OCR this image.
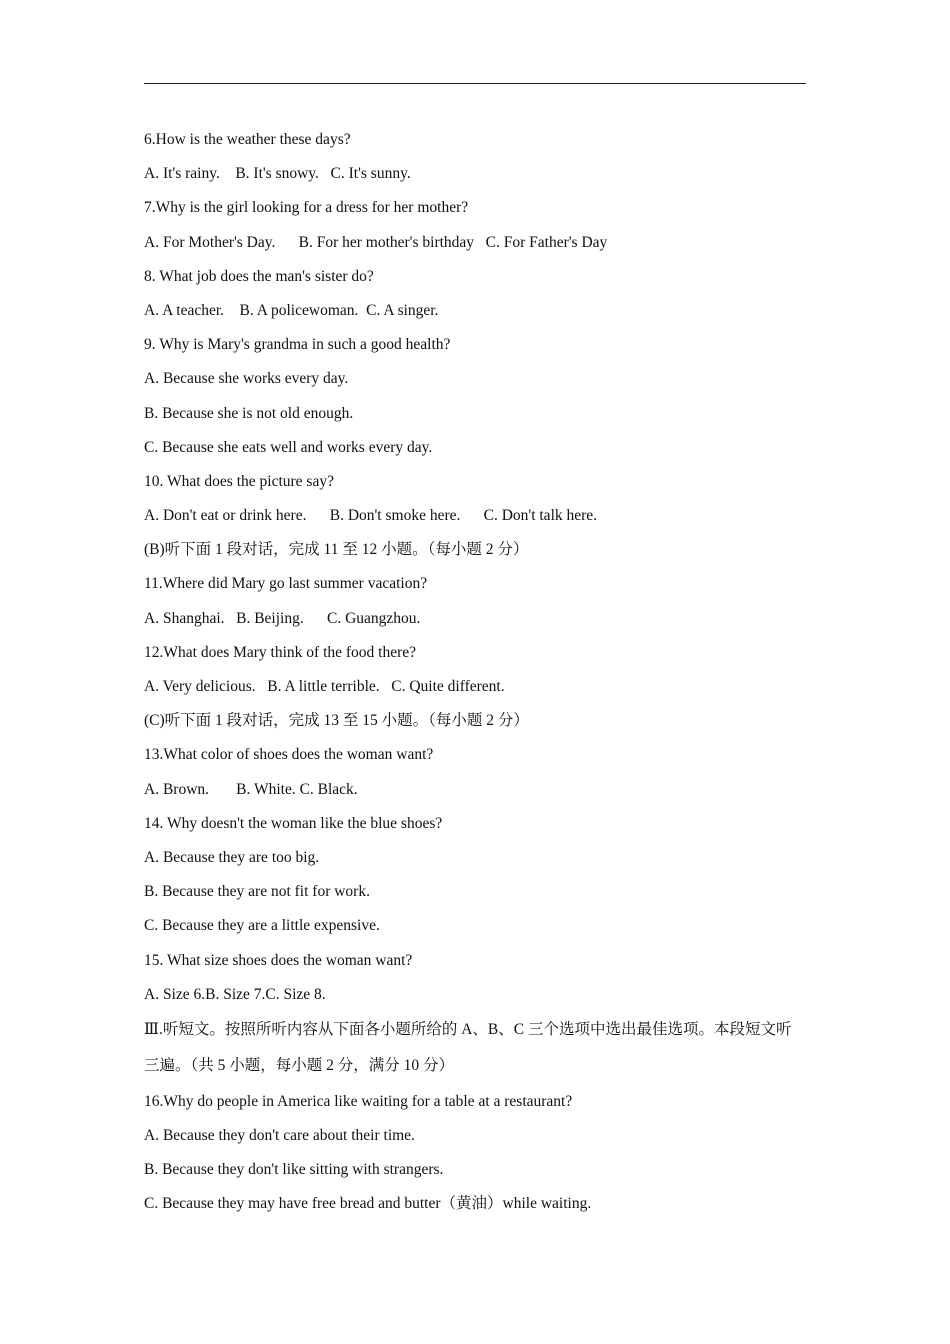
6.How is the weather these days?
A. It's rainy.    B. It's snowy.   C. It's sunny.
7.Why is the girl looking for a dress for her mother?
A. For Mother's Day.      B. For her mother's birthday   C. For Father's Day
8. What job does the man's sister do?
A. A teacher.    B. A policewoman.  C. A singer.
9. Why is Mary's grandma in such a good health?
A. Because she works every day.
B. Because she is not old enough.
C. Because she eats well and works every day.
10. What does the picture say?
A. Don't eat or drink here.      B. Don't smoke here.      C. Don't talk here.
(B)听下面 1 段对话，完成 11 至 12 小题。（每小题 2 分）
11.Where did Mary go last summer vacation?
A. Shanghai.   B. Beijing.      C. Guangzhou.
12.What does Mary think of the food there?
A. Very delicious.   B. A little terrible.   C. Quite different.
(C)听下面 1 段对话，完成 13 至 15 小题。（每小题 2 分）
13.What color of shoes does the woman want?
A. Brown.       B. White. C. Black.
14. Why doesn't the woman like the blue shoes?
A. Because they are too big.
B. Because they are not fit for work.
C. Because they are a little expensive.
15. What size shoes does the woman want?
A. Size 6.B. Size 7.C. Size 8.
Ⅲ.听短文。按照所听内容从下面各小题所给的 A、B、C 三个选项中选出最佳选项。本段短文听三遍。（共 5 小题，每小题 2 分，满分 10 分）
16.Why do people in America like waiting for a table at a restaurant?
A. Because they don't care about their time.
B. Because they don't like sitting with strangers.
C. Because they may have free bread and butter（黄油）while waiting.
